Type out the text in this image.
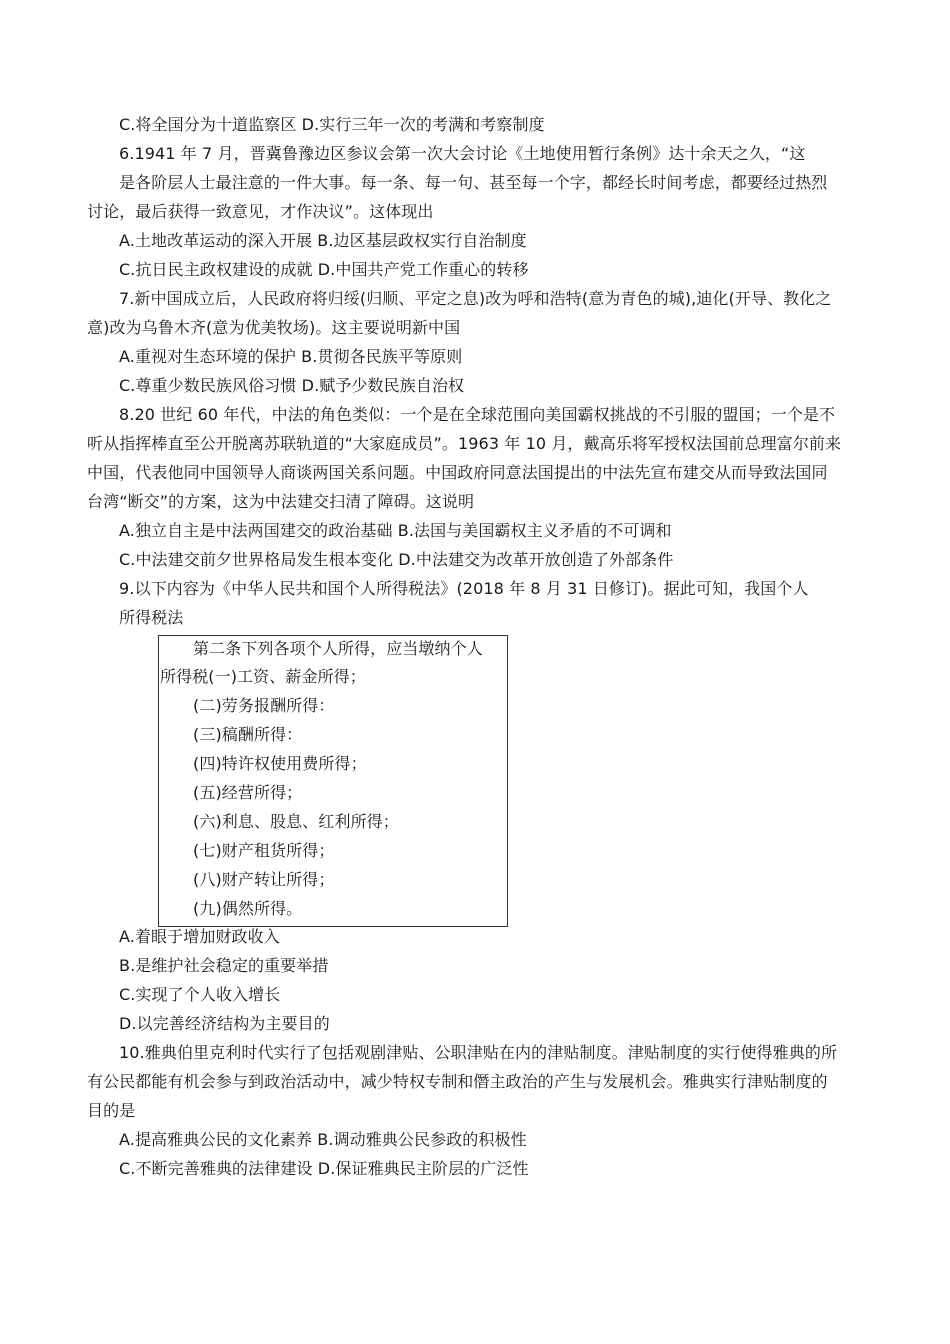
C.将全国分为十道监察区 D.实行三年一次的考满和考察制度
6.1941 年 7 月，晋冀鲁豫边区参议会第一次大会讨论《土地使用暂行条例》达十余天之久，“这
是各阶层人士最注意的一件大事。每一条、每一句、甚至每一个字，都经长时间考虑，都要经过热烈
讨论，最后获得一致意见，才作决议”。这体现出
A.土地改革运动的深入开展 B.边区基层政权实行自治制度
C.抗日民主政权建设的成就 D.中国共产党工作重心的转移
7.新中国成立后，人民政府将归绥(归顺、平定之息)改为呼和浩特(意为青色的城),迪化(开导、教化之
意)改为乌鲁木齐(意为优美牧场)。这主要说明新中国
A.重视对生态环境的保护 B.贯彻各民族平等原则
C.尊重少数民族风俗习惯 D.赋予少数民族自治权
8.20 世纪 60 年代，中法的角色类似：一个是在全球范围向美国霸权挑战的不引服的盟国；一个是不
听从指挥棒直至公开脱离苏联轨道的“大家庭成员”。1963 年 10 月，戴高乐将军授权法国前总理富尔前来
中国，代表他同中国领导人商谈两国关系问题。中国政府同意法国提出的中法先宣布建交从而导致法国同
台湾“断交”的方案，这为中法建交扫清了障碍。这说明
A.独立自主是中法两国建交的政治基础 B.法国与美国霸权主义矛盾的不可调和
C.中法建交前夕世界格局发生根本变化 D.中法建交为改革开放创造了外部条件
9.以下内容为《中华人民共和国个人所得税法》(2018 年 8 月 31 日修订)。据此可知，我国个人
所得税法
第二条下列各项个人所得，应当墩纳个人
所得税(一)工资、薪金所得；
(二)劳务报酬所得：
(三)稿酬所得：
(四)特许权使用费所得；
(五)经营所得；
(六)利息、股息、红利所得；
(七)财产租货所得；
(八)财产转让所得；
(九)偶然所得。
A.着眼于增加财政收入
B.是维护社会稳定的重要举措
C.实现了个人收入增长
D.以完善经济结构为主要目的
10.雅典伯里克利时代实行了包括观剧津贴、公职津贴在内的津贴制度。津贴制度的实行使得雅典的所
有公民都能有机会参与到政治活动中，减少特权专制和僭主政治的产生与发展机会。雅典实行津贴制度的
目的是
A.提高雅典公民的文化素养 B.调动雅典公民参政的积极性
C.不断完善雅典的法律建设 D.保证雅典民主阶层的广泛性
